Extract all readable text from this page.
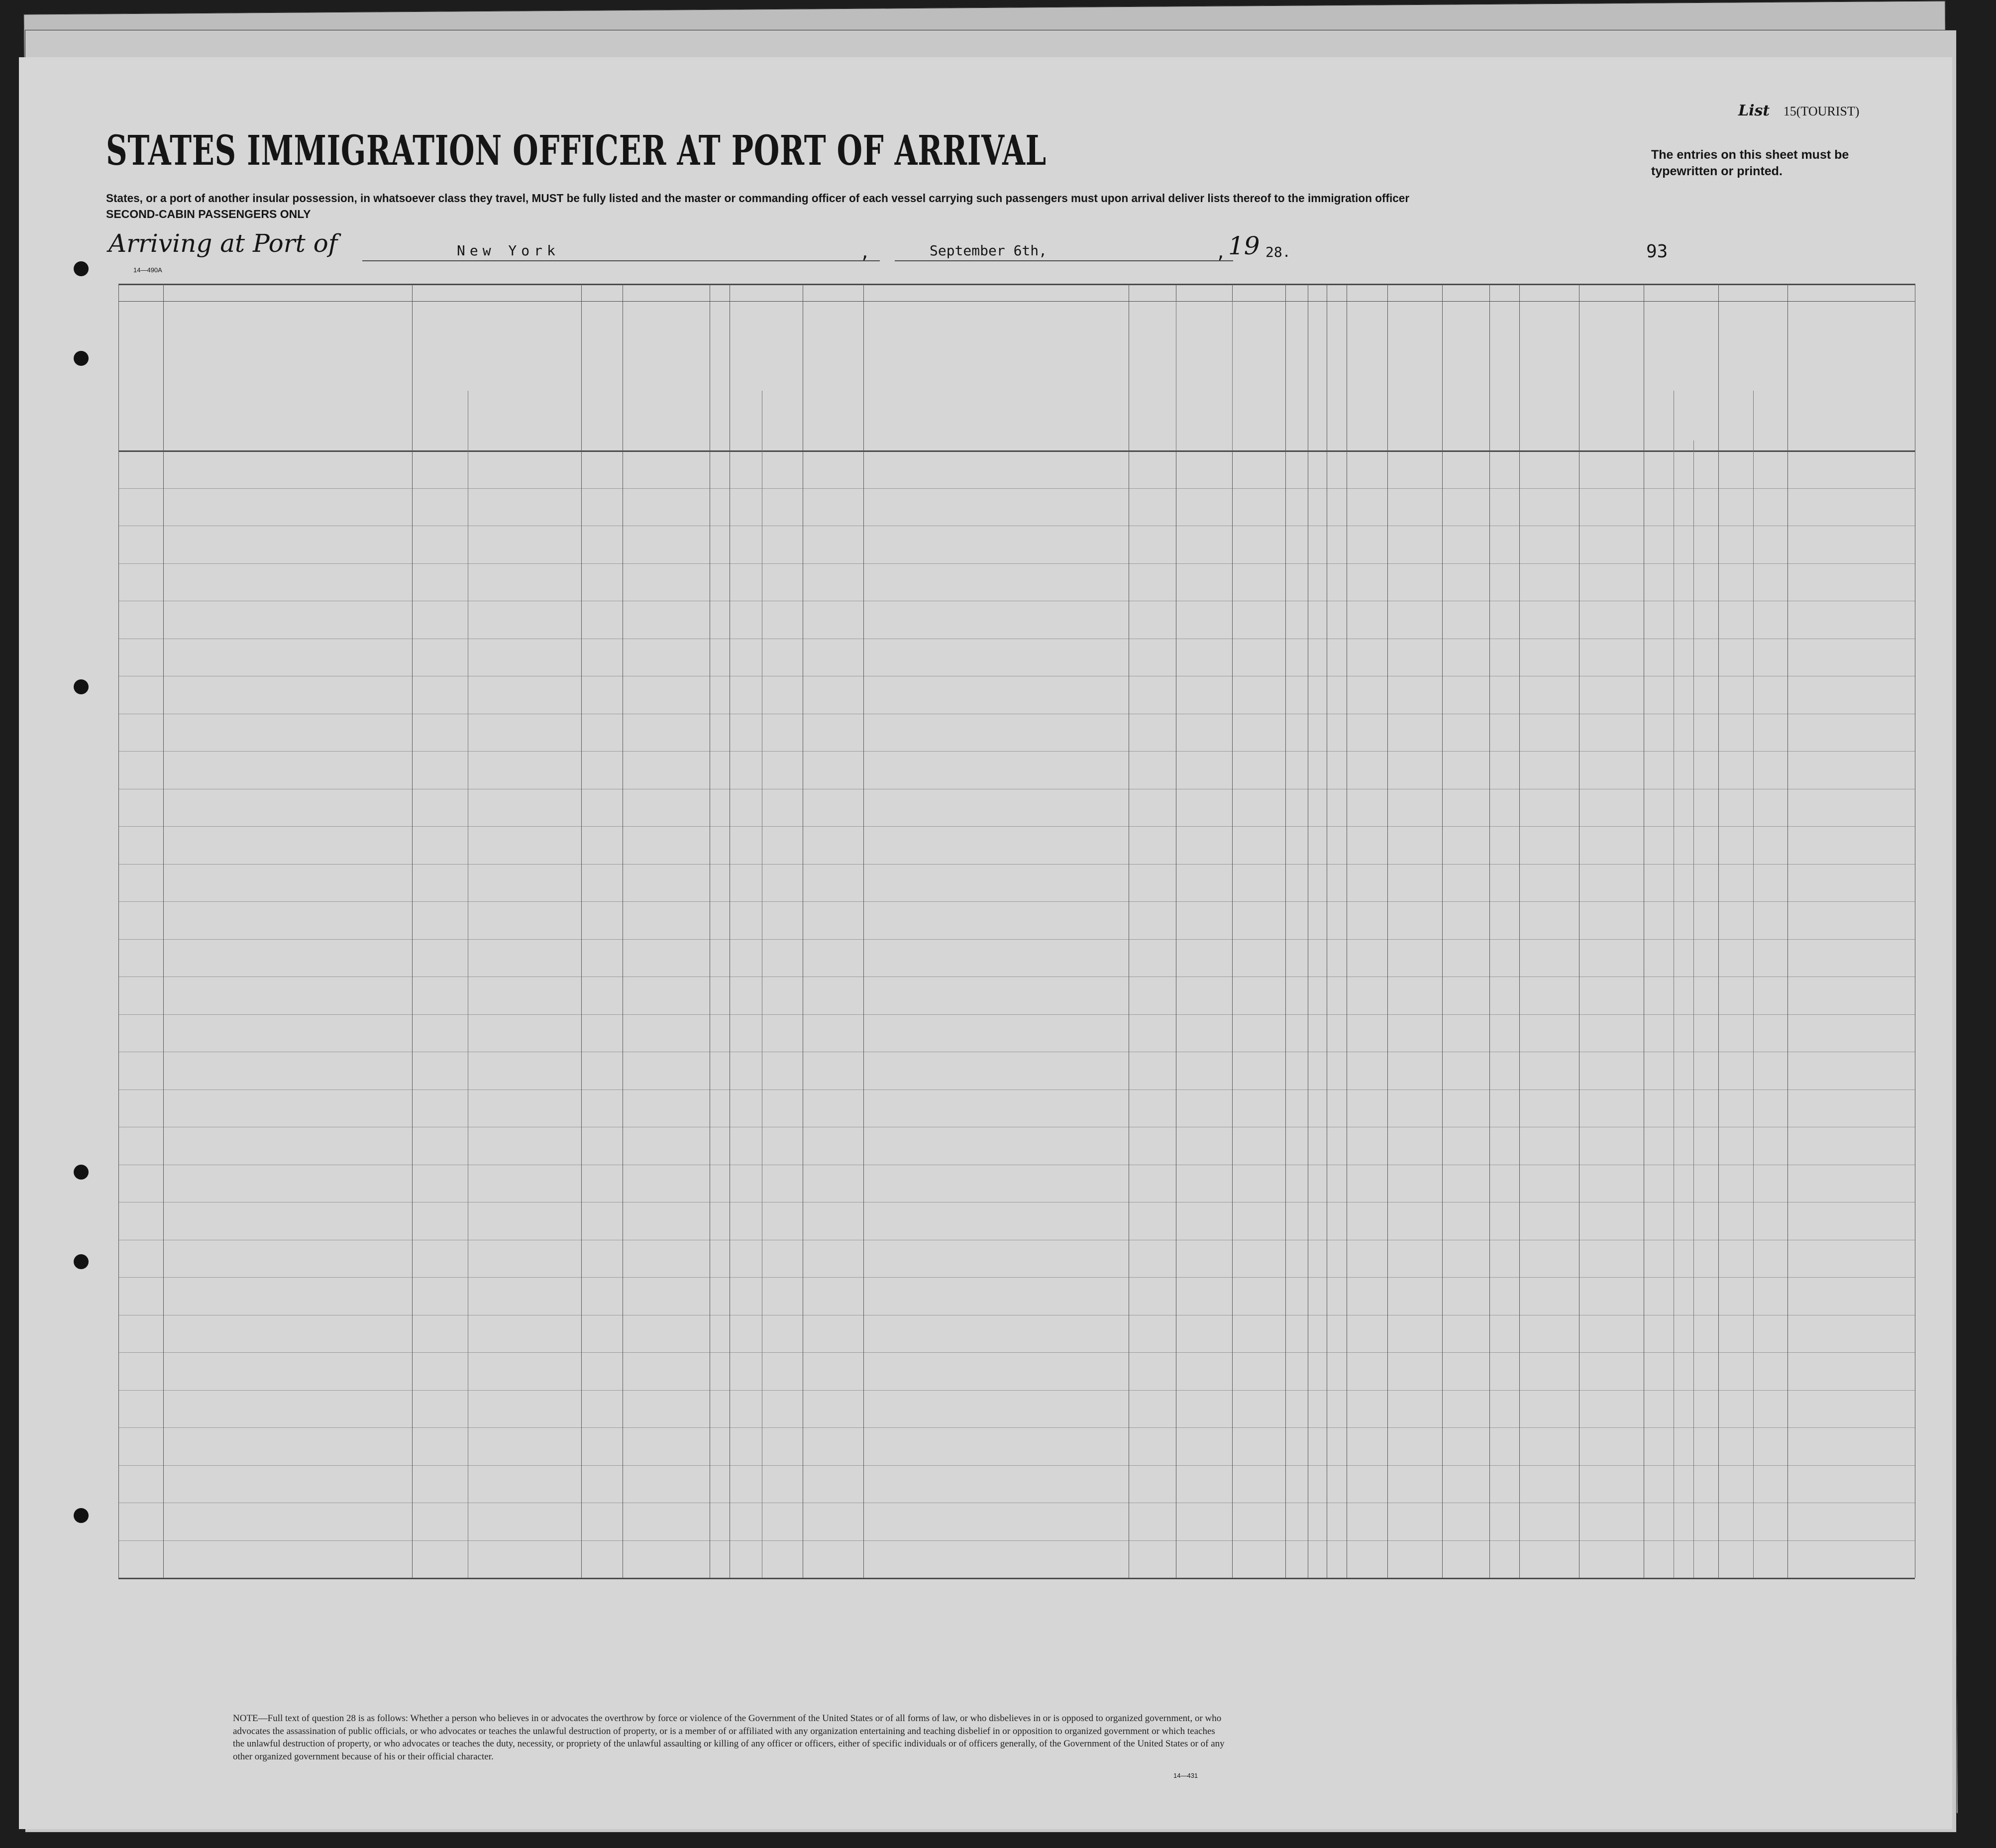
List 15(TOURIST)
STATES IMMIGRATION OFFICER AT PORT OF ARRIVAL	The entries on this sheet must be typewritten or printed.
States, or a port of another insular possession, in whatsoever class they travel, MUST be fully listed and the master or commanding officer of each vessel carrying such passengers must upon arrival deliver lists thereof to the immigration officer
SECOND-CABIN PASSENGERS ONLY
Arriving at Port of	New York	,	September 6th,	, 19 28.	93
14—490A
NOTE—Full text of question 28 is as follows: Whether a person who believes in or advocates the overthrow by force or violence of the Government of the United States or of all forms of law, or who disbelieves in or is opposed to organized government, or who advocates the assassination of public officials, or who advocates or teaches the unlawful destruction of property, or is a member of or affiliated with any organization entertaining and teaching disbelief in or opposition to organized government or which teaches the unlawful destruction of property, or who advocates or teaches the duty, necessity, or propriety of the unlawful assaulting or killing of any officer or officers, either of specific individuals or of officers generally, of the Government of the United States or of any other organized government because of his or their official character.
14—431
